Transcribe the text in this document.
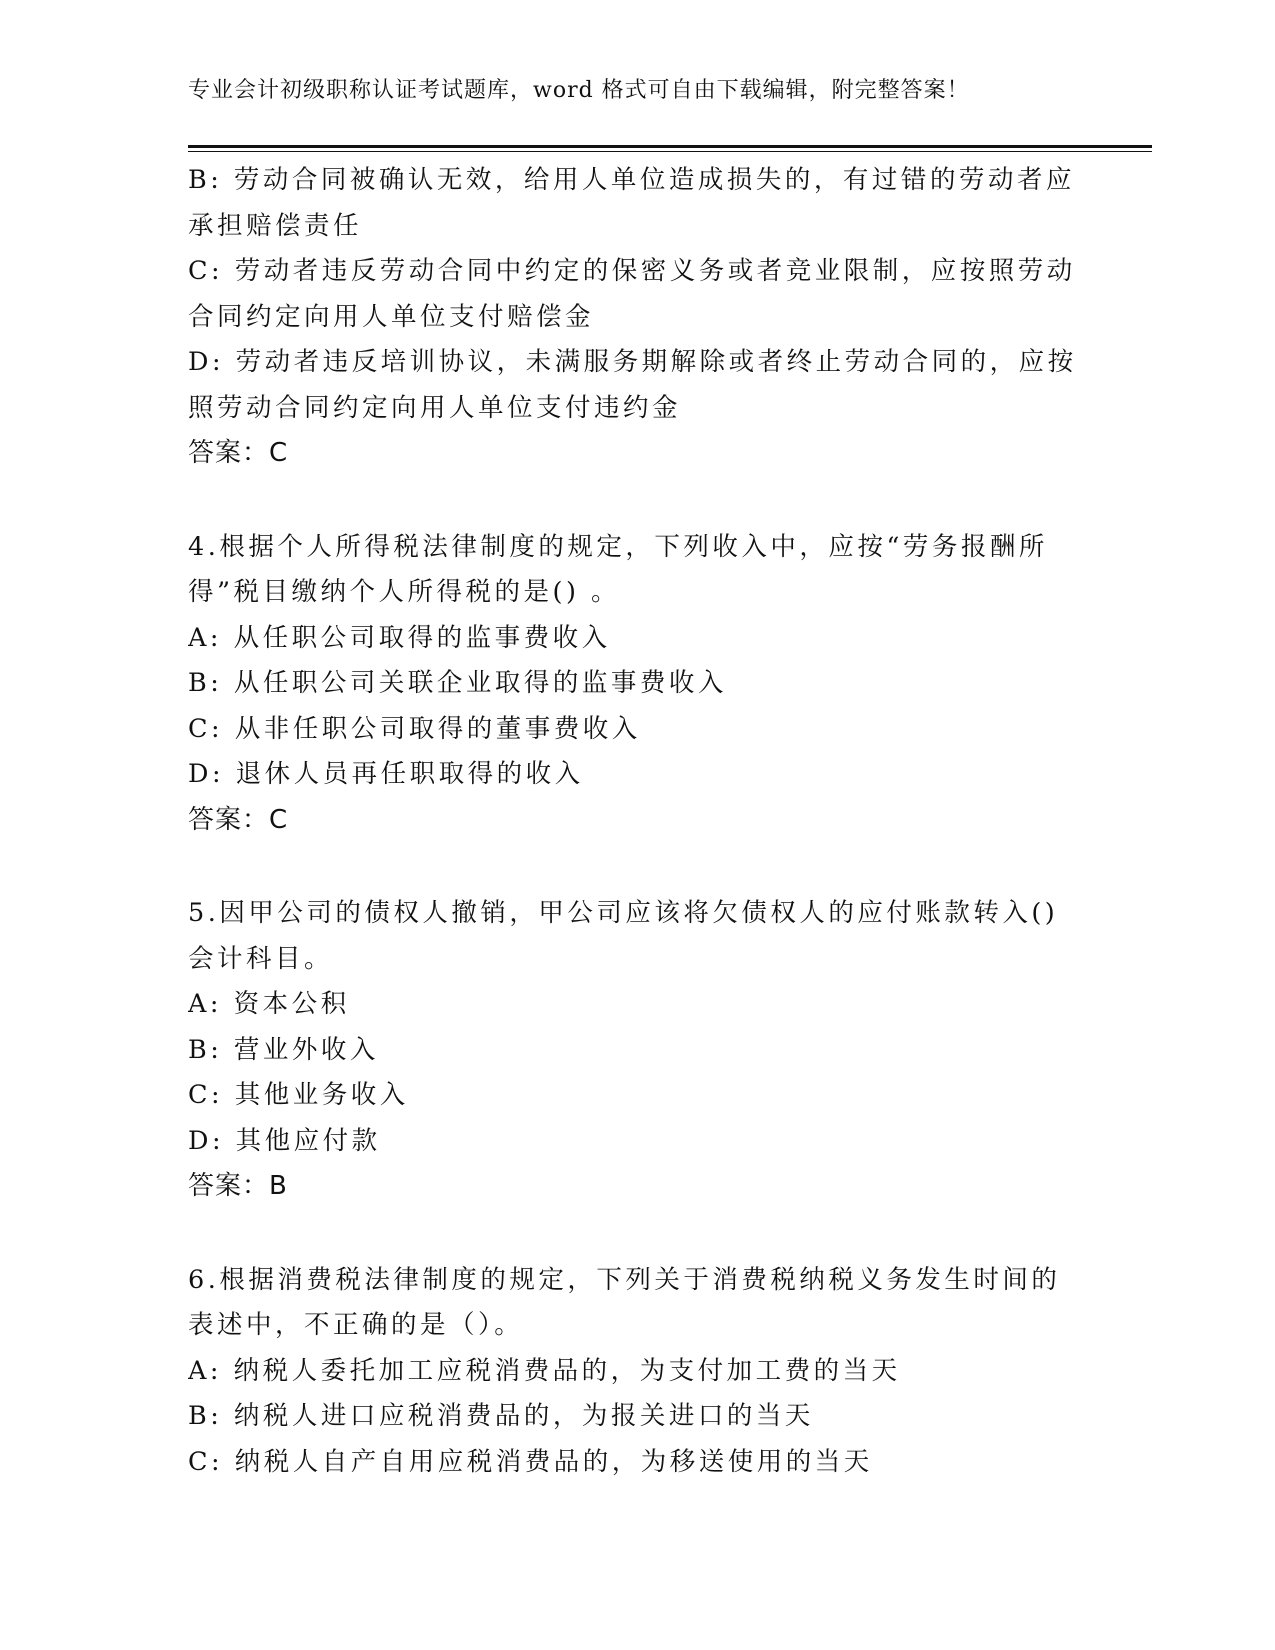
专业会计初级职称认证考试题库，word 格式可自由下载编辑，附完整答案！
B: 劳动合同被确认无效，给用人单位造成损失的，有过错的劳动者应
承担赔偿责任
C: 劳动者违反劳动合同中约定的保密义务或者竞业限制，应按照劳动
合同约定向用人单位支付赔偿金
D: 劳动者违反培训协议，未满服务期解除或者终止劳动合同的，应按
照劳动合同约定向用人单位支付违约金
答案：C
4.根据个人所得税法律制度的规定，下列收入中，应按“劳务报酬所
得”税目缴纳个人所得税的是() 。
A: 从任职公司取得的监事费收入
B: 从任职公司关联企业取得的监事费收入
C: 从非任职公司取得的董事费收入
D: 退休人员再任职取得的收入
答案：C
5.因甲公司的债权人撤销，甲公司应该将欠债权人的应付账款转入()
会计科目。
A: 资本公积
B: 营业外收入
C: 其他业务收入
D: 其他应付款
答案：B
6.根据消费税法律制度的规定，下列关于消费税纳税义务发生时间的
表述中，不正确的是（）。
A: 纳税人委托加工应税消费品的，为支付加工费的当天
B: 纳税人进口应税消费品的，为报关进口的当天
C: 纳税人自产自用应税消费品的，为移送使用的当天
